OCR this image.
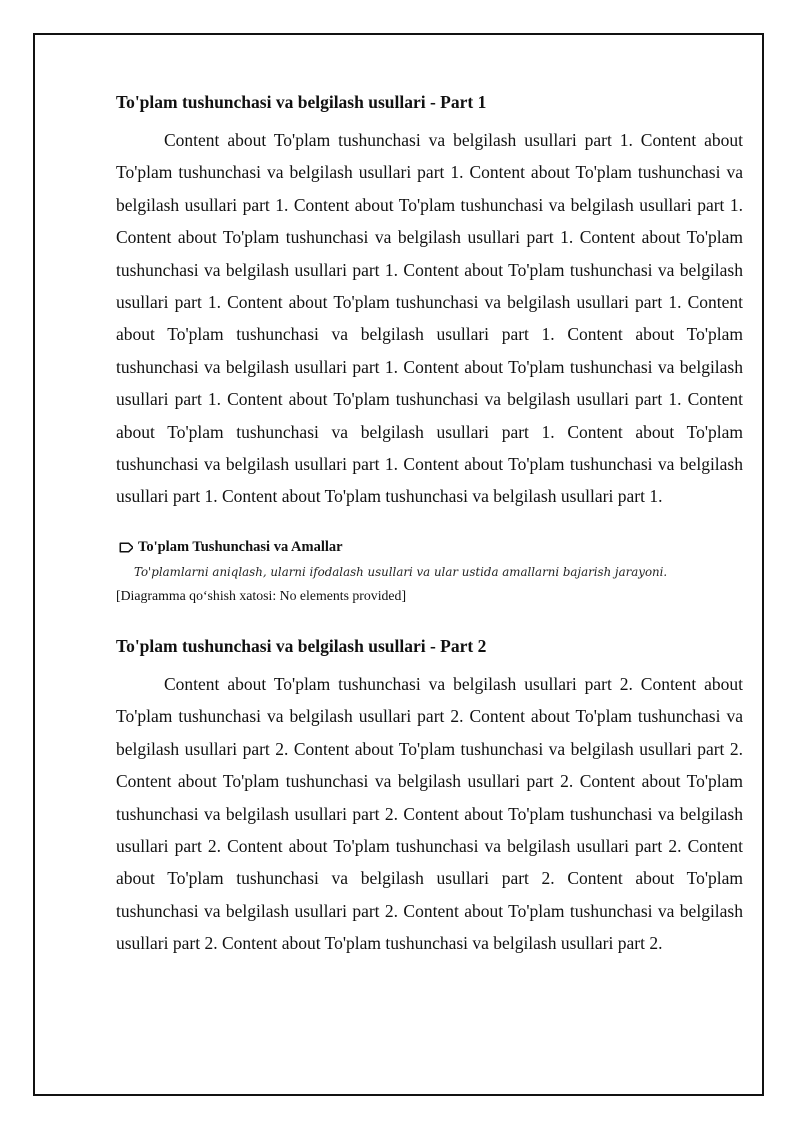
To'plam tushunchasi va belgilash usullari - Part 1

Content about To'plam tushunchasi va belgilash usullari part 1. Content about To'plam tushunchasi va belgilash usullari part 1. Content about To'plam tushunchasi va belgilash usullari part 1. Content about To'plam tushunchasi va belgilash usullari part 1. Content about To'plam tushunchasi va belgilash usullari part 1. Content about To'plam tushunchasi va belgilash usullari part 1. Content about To'plam tushunchasi va belgilash usullari part 1. Content about To'plam tushunchasi va belgilash usullari part 1. Content about To'plam tushunchasi va belgilash usullari part 1. Content about To'plam tushunchasi va belgilash usullari part 1. Content about To'plam tushunchasi va belgilash usullari part 1. Content about To'plam tushunchasi va belgilash usullari part 1. Content about To'plam tushunchasi va belgilash usullari part 1. Content about To'plam tushunchasi va belgilash usullari part 1. Content about To'plam tushunchasi va belgilash usullari part 1. Content about To'plam tushunchasi va belgilash usullari part 1.

To'plam Tushunchasi va Amallar
To'plamlarni aniqlash, ularni ifodalash usullari va ular ustida amallarni bajarish jarayoni.
[Diagramma qo‘shish xatosi: No elements provided]
To'plam tushunchasi va belgilash usullari - Part 2

Content about To'plam tushunchasi va belgilash usullari part 2. Content about To'plam tushunchasi va belgilash usullari part 2. Content about To'plam tushunchasi va belgilash usullari part 2. Content about To'plam tushunchasi va belgilash usullari part 2. Content about To'plam tushunchasi va belgilash usullari part 2. Content about To'plam tushunchasi va belgilash usullari part 2. Content about To'plam tushunchasi va belgilash usullari part 2. Content about To'plam tushunchasi va belgilash usullari part 2. Content about To'plam tushunchasi va belgilash usullari part 2. Content about To'plam tushunchasi va belgilash usullari part 2. Content about To'plam tushunchasi va belgilash usullari part 2. Content about To'plam tushunchasi va belgilash usullari part 2.
